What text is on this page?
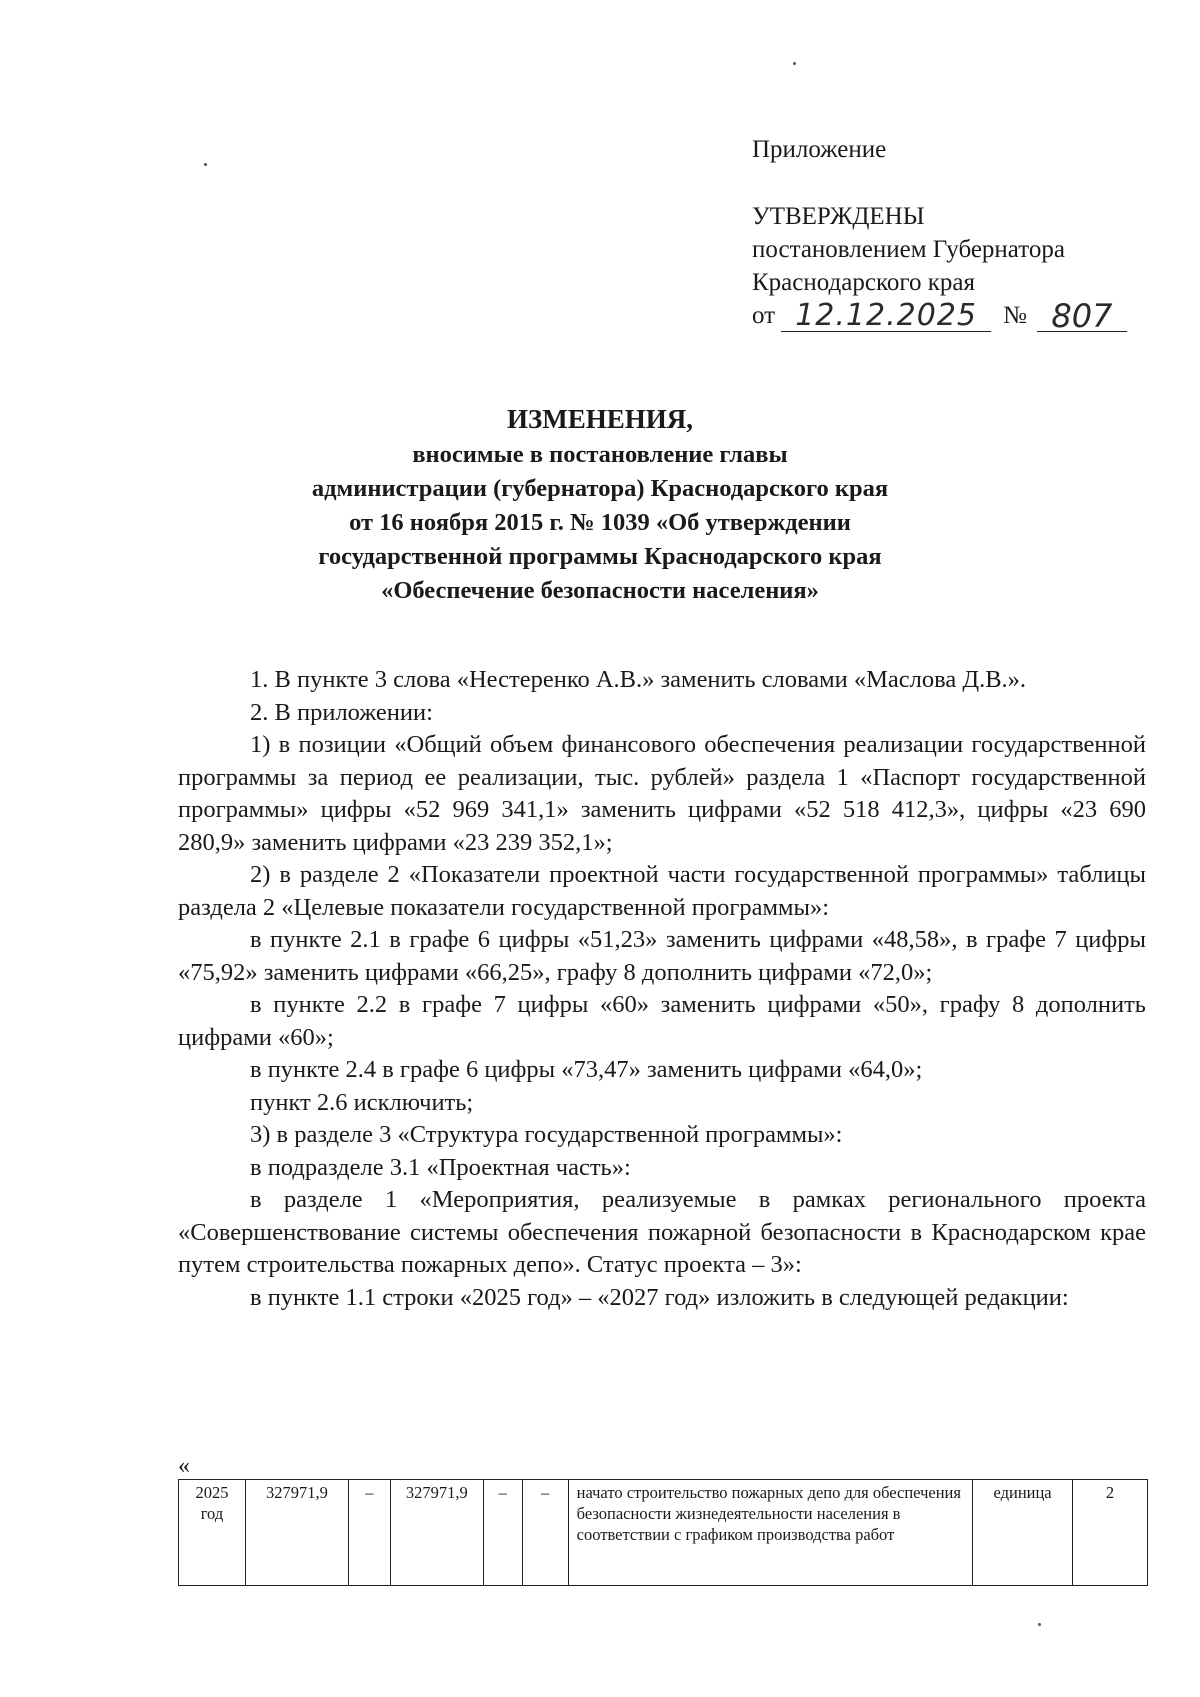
Приложение
УТВЕРЖДЕНЫ
постановлением Губернатора
Краснодарского края
от 12.12.2025	№ 807
ИЗМЕНЕНИЯ,
вносимые в постановление главы
администрации (губернатора) Краснодарского края
от 16 ноября 2015 г. № 1039 «Об утверждении
государственной программы Краснодарского края
«Обеспечение безопасности населения»

1. В пункте 3 слова «Нестеренко А.В.» заменить словами «Маслова Д.В.».

2. В приложении:

1) в позиции «Общий объем финансового обеспечения реализации государственной программы за период ее реализации, тыс. рублей» раздела 1 «Паспорт государственной программы» цифры «52 969 341,1» заменить цифрами «52 518 412,3», цифры «23 690 280,9» заменить цифрами «23 239 352,1»;

2) в разделе 2 «Показатели проектной части государственной программы» таблицы раздела 2 «Целевые показатели государственной программы»:

в пункте 2.1 в графе 6 цифры «51,23» заменить цифрами «48,58», в графе 7 цифры «75,92» заменить цифрами «66,25», графу 8 дополнить цифрами «72,0»;

в пункте 2.2 в графе 7 цифры «60» заменить цифрами «50», графу 8 дополнить цифрами «60»;

в пункте 2.4 в графе 6 цифры «73,47» заменить цифрами «64,0»;

пункт 2.6 исключить;

3) в разделе 3 «Структура государственной программы»:

в подразделе 3.1 «Проектная часть»:

в разделе 1 «Мероприятия, реализуемые в рамках регионального проекта «Совершенствование системы обеспечения пожарной безопасности в Краснодарском крае путем строительства пожарных депо». Статус проекта – 3»:

в пункте 1.1 строки «2025 год» – «2027 год» изложить в следующей редакции:

«
2025 год	327971,9	–	327971,9	–	–	начато строительство пожарных депо для обеспечения безопасности жизнедеятельности населения в соответствии с графиком производства работ	единица	2
